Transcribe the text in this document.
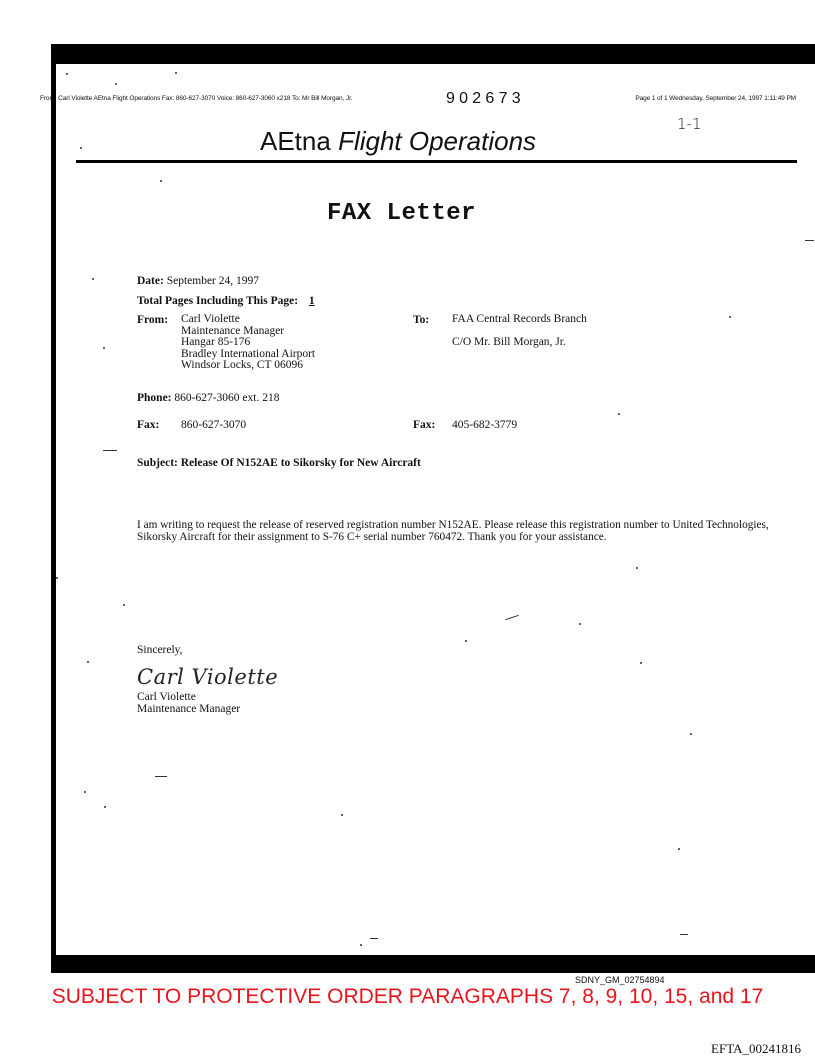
From: Carl Violette AEtna Flight Operations Fax: 860-627-3070 Voice: 860-627-3060 x218 To: Mr Bill Morgan, Jr.	9 0 2 6 7 3	Page 1 of 1 Wednesday, September 24, 1997 1:11:49 PM
1-1
AEtna Flight Operations
FAX Letter
Date: September 24, 1997
Total Pages Including This Page: 1
From: Carl Violette
Maintenance Manager
Hangar 85-176
Bradley International Airport
Windsor Locks, CT 06096
To: FAA Central Records Branch
C/O Mr. Bill Morgan, Jr.
Phone: 860-627-3060 ext. 218
Fax: 860-627-3070	Fax: 405-682-3779
Subject: Release Of N152AE to Sikorsky for New Aircraft
I am writing to request the release of reserved registration number N152AE. Please release this registration number to United Technologies, Sikorsky Aircraft for their assignment to S-76 C+ serial number 760472. Thank you for your assistance.
Sincerely,
Carl Violette
Carl Violette
Maintenance Manager
SDNY_GM_02754894
SUBJECT TO PROTECTIVE ORDER PARAGRAPHS 7, 8, 9, 10, 15, and 17
EFTA_00241816
